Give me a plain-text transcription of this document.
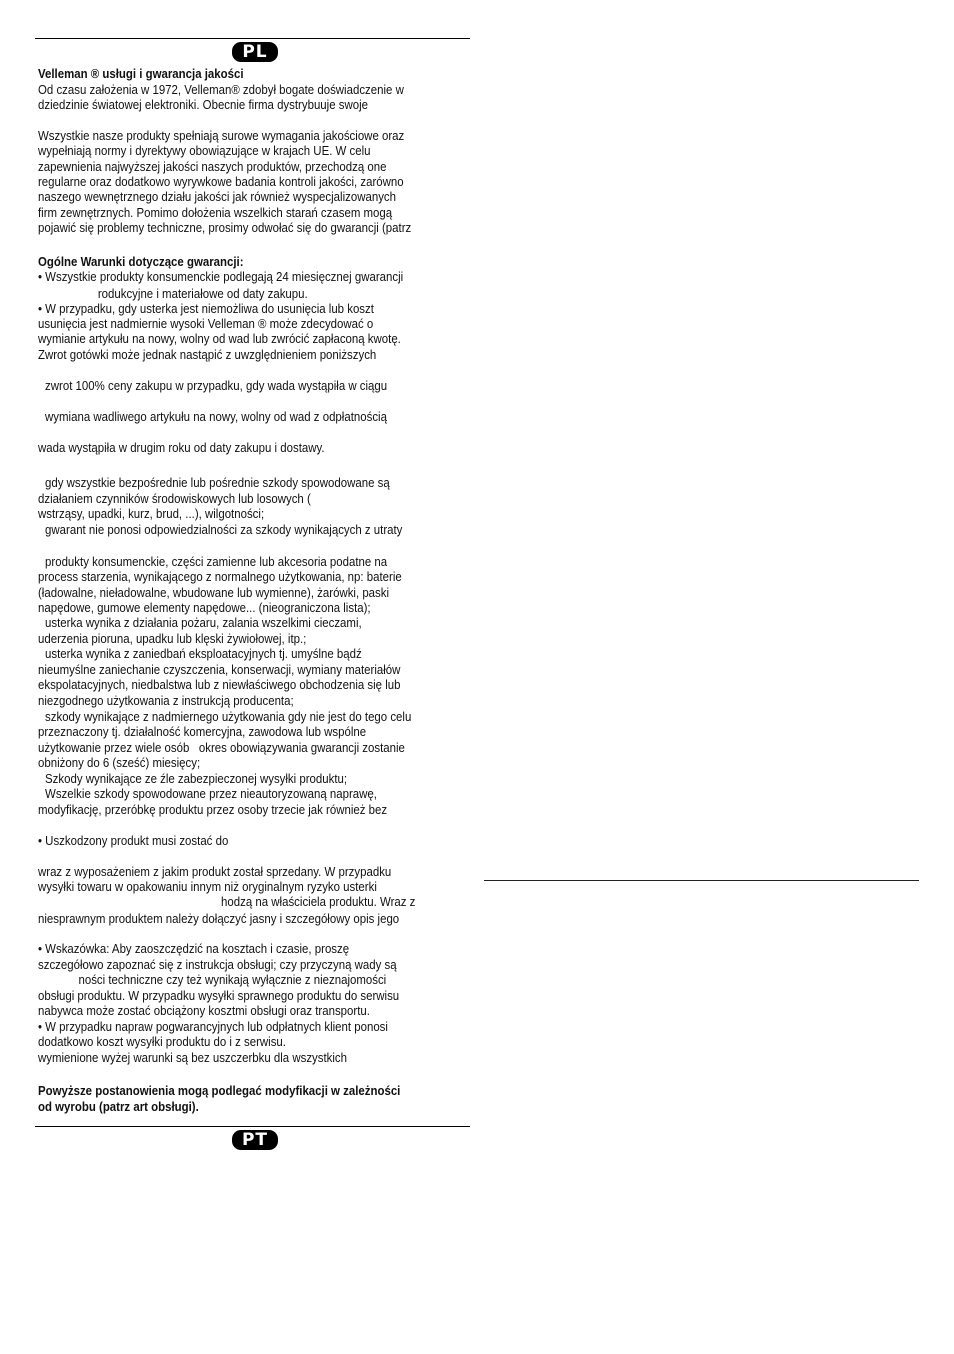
PL
Velleman ® usługi i gwarancja jakości
Od czasu założenia w 1972, Velleman® zdobył bogate doświadczenie w
dziedzinie światowej elektroniki. Obecnie firma dystrybuuje swoje
Wszystkie nasze produkty spełniają surowe wymagania jakościowe oraz
wypełniają normy i dyrektywy obowiązujące w krajach UE. W celu
zapewnienia najwyższej jakości naszych produktów, przechodzą one
regularne oraz dodatkowo wyrywkowe badania kontroli jakości, zarówno
naszego wewnętrznego działu jakości jak również wyspecjalizowanych
firm zewnętrznych. Pomimo dołożenia wszelkich starań czasem mogą
pojawić się problemy techniczne, prosimy odwołać się do gwarancji (patrz
Ogólne Warunki dotyczące gwarancji:
• Wszystkie produkty konsumenckie podlegają 24 miesięcznej gwarancji
rodukcyjne i materiałowe od daty zakupu.
• W przypadku, gdy usterka jest niemożliwa do usunięcia lub koszt
usunięcia jest nadmiernie wysoki Velleman ® może zdecydować o
wymianie artykułu na nowy, wolny od wad lub zwrócić zapłaconą kwotę.
Zwrot gotówki może jednak nastąpić z uwzględnieniem poniższych
zwrot 100% ceny zakupu w przypadku, gdy wada wystąpiła w ciągu
wymiana wadliwego artykułu na nowy, wolny od wad z odpłatnością
wada wystąpiła w drugim roku od daty zakupu i dostawy.
gdy wszystkie bezpośrednie lub pośrednie szkody spowodowane są
działaniem czynników środowiskowych lub losowych (
wstrząsy, upadki, kurz, brud, ...), wilgotności;
gwarant nie ponosi odpowiedzialności za szkody wynikających z utraty
produkty konsumenckie, części zamienne lub akcesoria podatne na
process starzenia, wynikającego z normalnego użytkowania, np: baterie
(ładowalne, nieładowalne, wbudowane lub wymienne), żarówki, paski
napędowe, gumowe elementy napędowe... (nieograniczona lista);
usterka wynika z działania pożaru, zalania wszelkimi cieczami,
uderzenia pioruna, upadku lub klęski żywiołowej, itp.;
usterka wynika z zaniedbań eksploatacyjnych tj. umyślne bądź
nieumyślne zaniechanie czyszczenia, konserwacji, wymiany materiałów
ekspolatacyjnych, niedbalstwa lub z niewłaściwego obchodzenia się lub
niezgodnego użytkowania z instrukcją producenta;
szkody wynikające z nadmiernego użytkowania gdy nie jest do tego celu
przeznaczony tj. działalność komercyjna, zawodowa lub wspólne
użytkowanie przez wiele osób   okres obowiązywania gwarancji zostanie
obniżony do 6 (sześć) miesięcy;
Szkody wynikające ze źle zabezpieczonej wysyłki produktu;
Wszelkie szkody spowodowane przez nieautoryzowaną naprawę,
modyfikację, przeróbkę produktu przez osoby trzecie jak również bez
• Uszkodzony produkt musi zostać do
wraz z wyposażeniem z jakim produkt został sprzedany. W przypadku
wysyłki towaru w opakowaniu innym niż oryginalnym ryzyko usterki
hodzą na właściciela produktu. Wraz z
niesprawnym produktem należy dołączyć jasny i szczegółowy opis jego
• Wskazówka: Aby zaoszczędzić na kosztach i czasie, proszę
szczegółowo zapoznać się z instrukcja obsługi; czy przyczyną wady są
ności techniczne czy też wynikają wyłącznie z nieznajomości
obsługi produktu. W przypadku wysyłki sprawnego produktu do serwisu
nabywca może zostać obciążony kosztmi obsługi oraz transportu.
• W przypadku napraw pogwarancyjnych lub odpłatnych klient ponosi
dodatkowo koszt wysyłki produktu do i z serwisu.
wymienione wyżej warunki są bez uszczerbku dla wszystkich
Powyższe postanowienia mogą podlegać modyfikacji w zależności
od wyrobu (patrz art obsługi).
PT
